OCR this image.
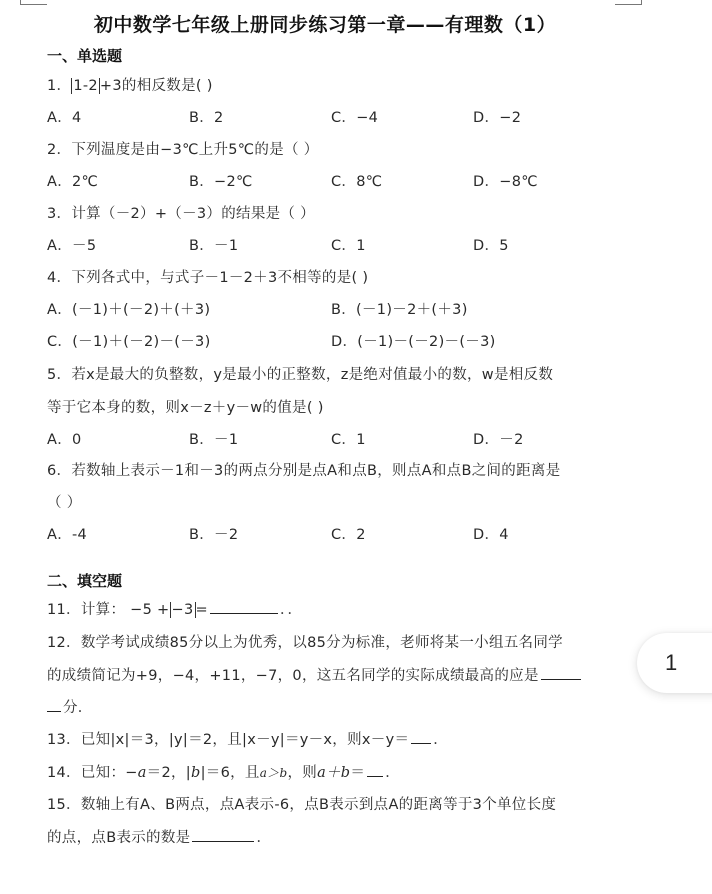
初中数学七年级上册同步练习第一章——有理数（1）
一、单选题
1． 1-2 +3的相反数是( )
A．4	B．2	C．−4	D．−2
2．下列温度是由−3℃上升5℃的是（ ）
A．2℃	B．−2℃	C．8℃	D．−8℃
3．计算（－2）+（－3）的结果是（ ）
A．－5	B．－1	C．1	D．5
4．下列各式中，与式子－1－2＋3不相等的是( )
A．(－1)＋(－2)＋(＋3)	B．(－1)－2＋(＋3)
C．(－1)＋(－2)－(－3)	D．(－1)－(－2)－(－3)
5．若x是最大的负整数，y是最小的正整数，z是绝对值最小的数，w是相反数
等于它本身的数，则x－z＋y－w的值是( )
A．0	B．－1	C．1	D．－2
6．若数轴上表示－1和－3的两点分别是点A和点B，则点A和点B之间的距离是
（ ）
A．-4	B．－2	C．2	D．4
二、填空题
11．计算： −5 + −3 =	．．
12．数学考试成绩85分以上为优秀，以85分为标准，老师将某一小组五名同学
的成绩简记为+9，−4，+11，−7，0，这五名同学的实际成绩最高的应是
分．
13．已知|x|＝3，|y|＝2，且|x－y|＝y－x，则x－y＝ ．
14．已知：−a＝2，|b|＝6，且a＞b，则a＋b＝ ．
15．数轴上有A、B两点，点A表示-6，点B表示到点A的距离等于3个单位长度
的点，点B表示的数是	．
1
